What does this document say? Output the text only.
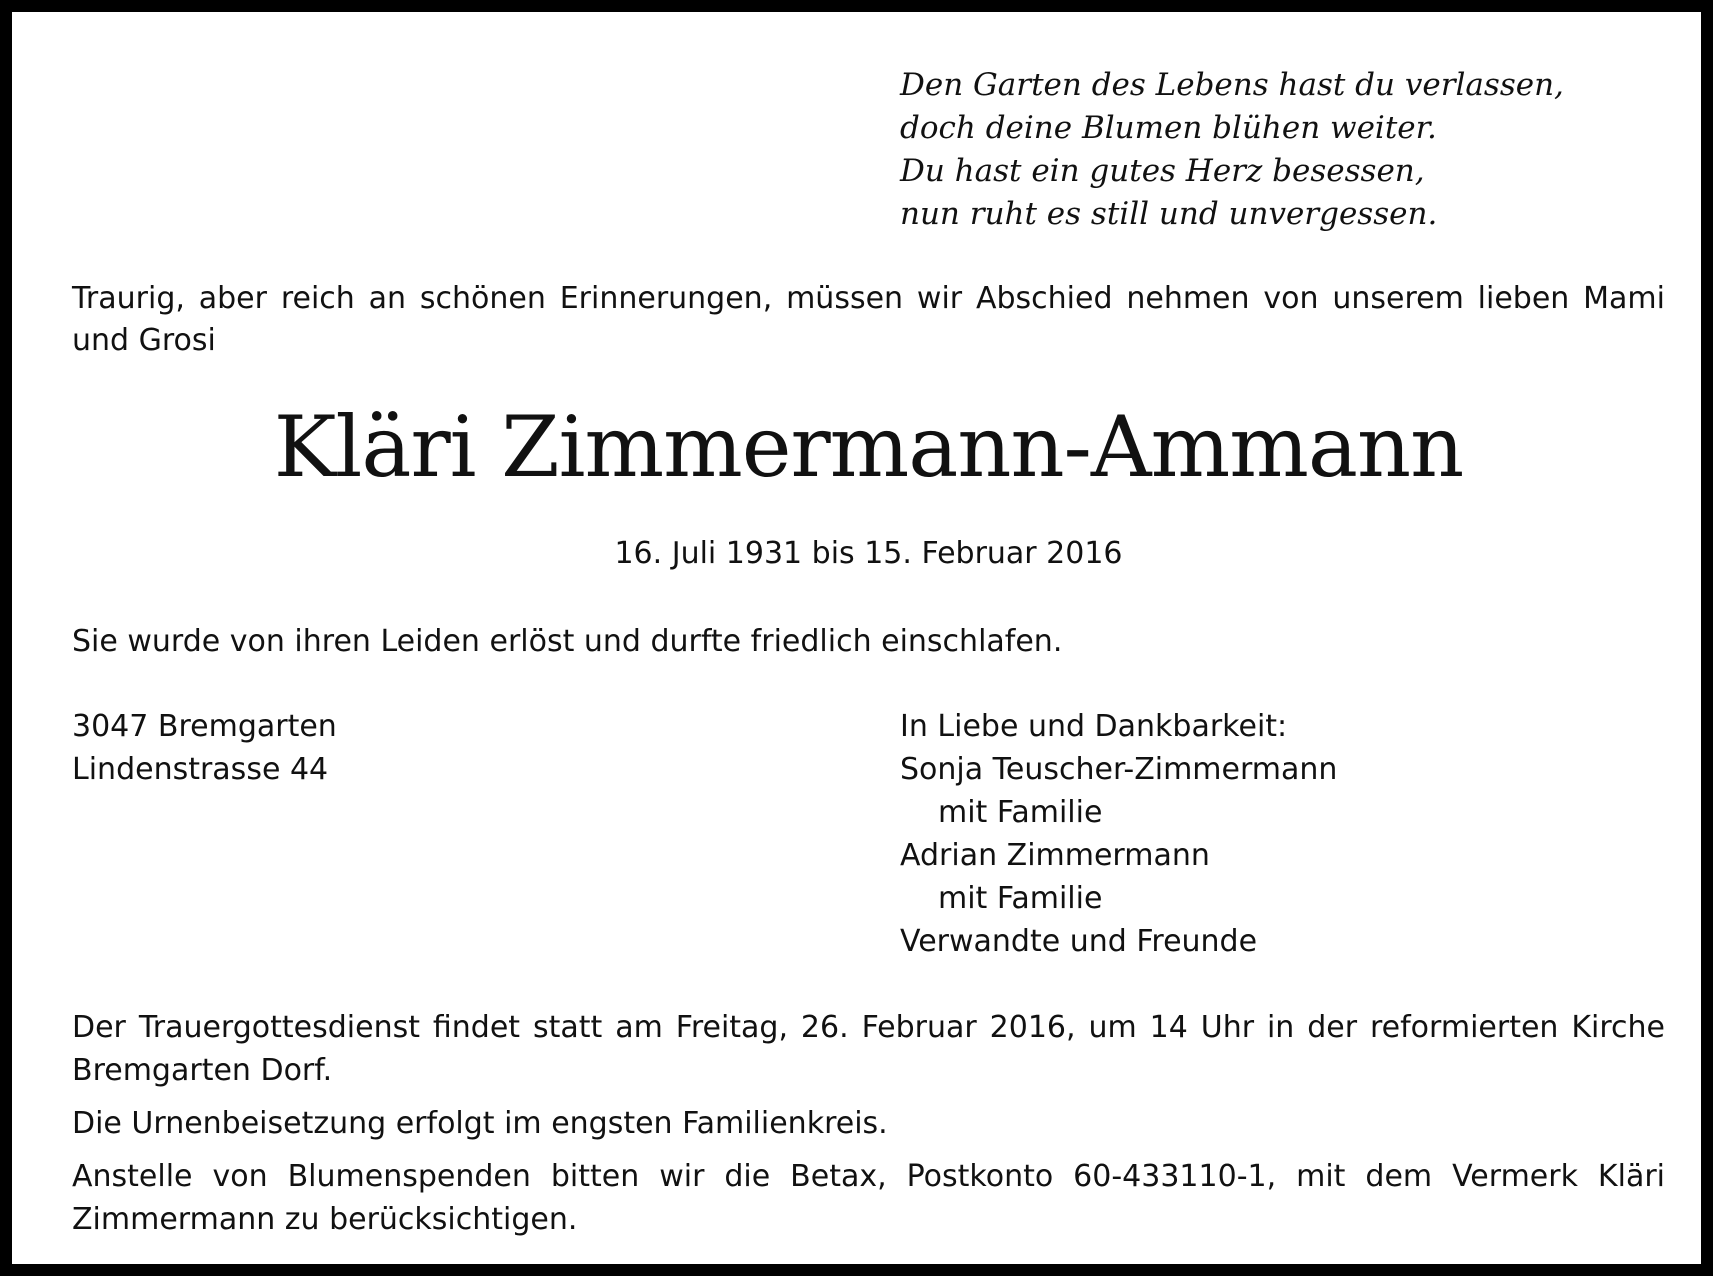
Den Garten des Lebens hast du verlassen,
doch deine Blumen blühen weiter.
Du hast ein gutes Herz besessen,
nun ruht es still und unvergessen.
Traurig, aber reich an schönen Erinnerungen, müssen wir Abschied nehmen von unserem lieben Mami und Grosi
Kläri Zimmermann-Ammann
16. Juli 1931 bis 15. Februar 2016
Sie wurde von ihren Leiden erlöst und durfte friedlich einschlafen.
3047 Bremgarten
Lindenstrasse 44
In Liebe und Dankbarkeit:
Sonja Teuscher-Zimmermann
mit Familie
Adrian Zimmermann
mit Familie
Verwandte und Freunde

Der Trauergottesdienst findet statt am Freitag, 26. Februar 2016, um 14 Uhr in der reformierten Kirche Bremgarten Dorf.

Die Urnenbeisetzung erfolgt im engsten Familienkreis.

Anstelle von Blumenspenden bitten wir die Betax, Postkonto 60-433110-1, mit dem Vermerk Kläri Zimmermann zu berücksichtigen.
